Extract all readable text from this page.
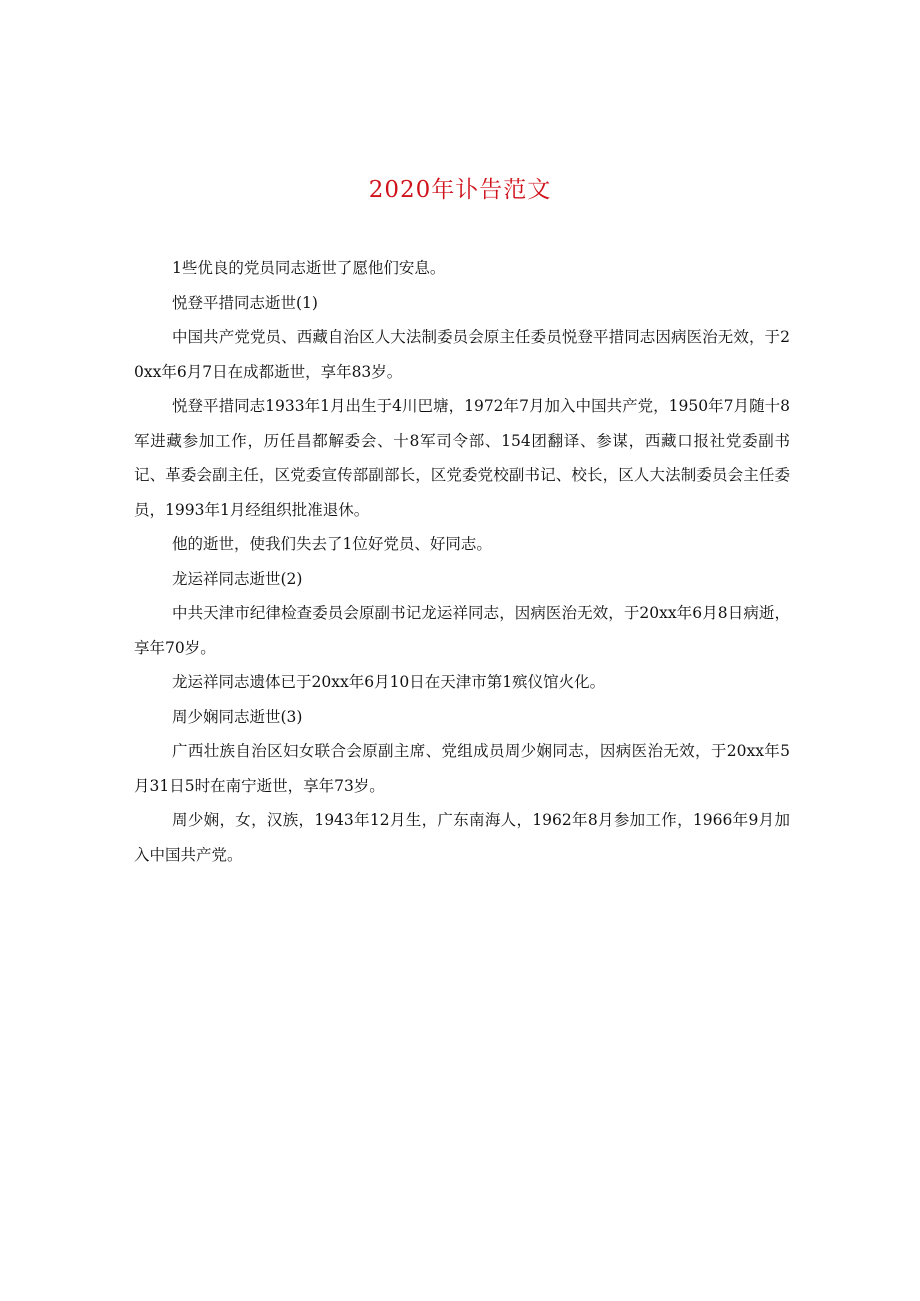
2020年讣告范文

1些优良的党员同志逝世了愿他们安息。

悦登平措同志逝世(1)

中国共产党党员、西藏自治区人大法制委员会原主任委员悦登平措同志因病医治无效，于20xx年6月7日在成都逝世，享年83岁。

悦登平措同志1933年1月出生于4川巴塘，1972年7月加入中国共产党，1950年7月随十8军进藏参加工作，历任昌都解委会、十8军司令部、154团翻译、参谋，西藏口报社党委副书记、革委会副主任，区党委宣传部副部长，区党委党校副书记、校长，区人大法制委员会主任委员，1993年1月经组织批准退休。

他的逝世，使我们失去了1位好党员、好同志。

龙运祥同志逝世(2)

中共天津市纪律检查委员会原副书记龙运祥同志，因病医治无效，于20xx年6月8日病逝，享年70岁。

龙运祥同志遗体已于20xx年6月10日在天津市第1殡仪馆火化。

周少娴同志逝世(3)

广西壮族自治区妇女联合会原副主席、党组成员周少娴同志，因病医治无效，于20xx年5月31日5时在南宁逝世，享年73岁。

周少娴，女，汉族，1943年12月生，广东南海人，1962年8月参加工作，1966年9月加入中国共产党。
